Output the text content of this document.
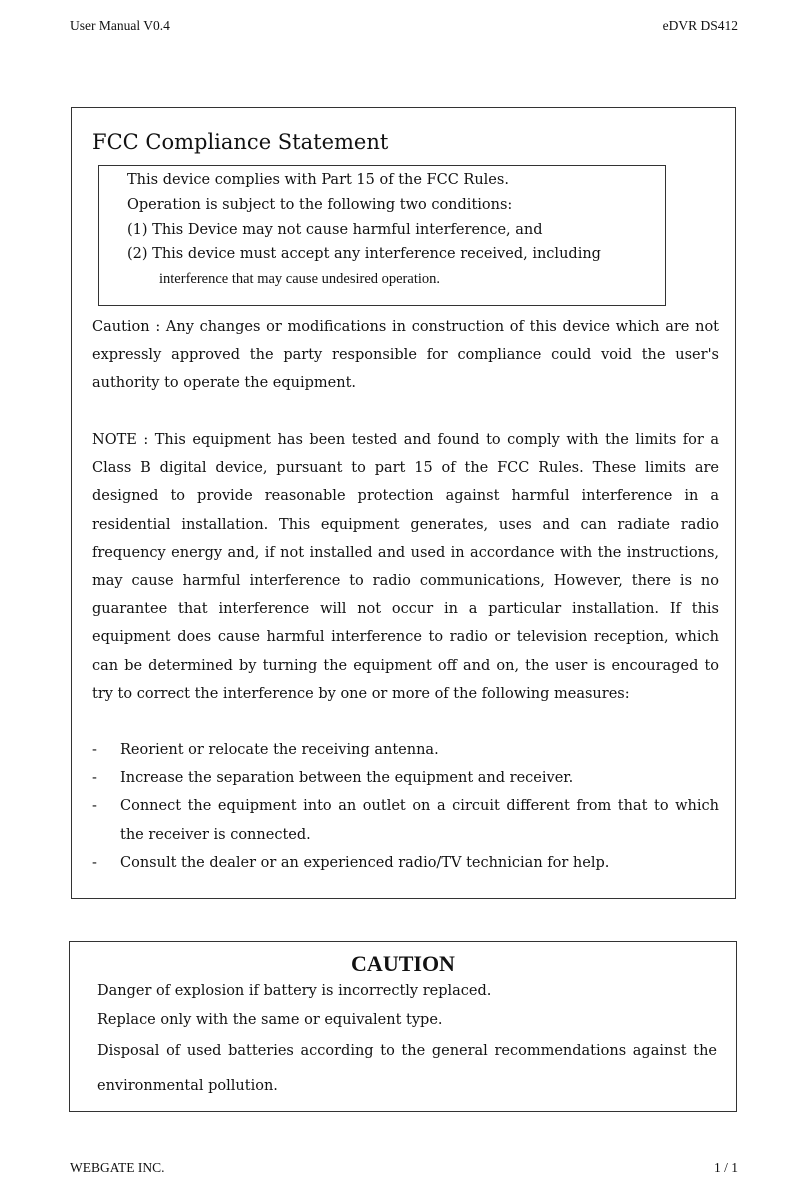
User Manual V0.4	eDVR DS412
FCC Compliance Statement
This device complies with Part 15 of the FCC Rules.
Operation is subject to the following two conditions:
(1) This Device may not cause harmful interference, and
(2) This device must accept any interference received, including
interference that may cause undesired operation.
Caution : Any changes or modifications in construction of this device which are not expressly approved the party responsible for compliance could void the user's authority to operate the equipment.
NOTE : This equipment has been tested and found to comply with the limits for a Class B digital device, pursuant to part 15 of the FCC Rules. These limits are designed to provide reasonable protection against harmful interference in a residential installation. This equipment generates, uses and can radiate radio frequency energy and, if not installed and used in accordance with the instructions, may cause harmful interference to radio communications, However, there is no guarantee that interference will not occur in a particular installation. If this equipment does cause harmful interference to radio or television reception, which can be determined by turning the equipment off and on, the user is encouraged to try to correct the interference by one or more of the following measures:
- Reorient or relocate the receiving antenna.
- Increase the separation between the equipment and receiver.
- Connect the equipment into an outlet on a circuit different from that to which the receiver is connected.
- Consult the dealer or an experienced radio/TV technician for help.
CAUTION
Danger of explosion if battery is incorrectly replaced.
Replace only with the same or equivalent type.
Disposal of used batteries according to the general recommendations against the environmental pollution.
WEBGATE INC.	1 / 1
